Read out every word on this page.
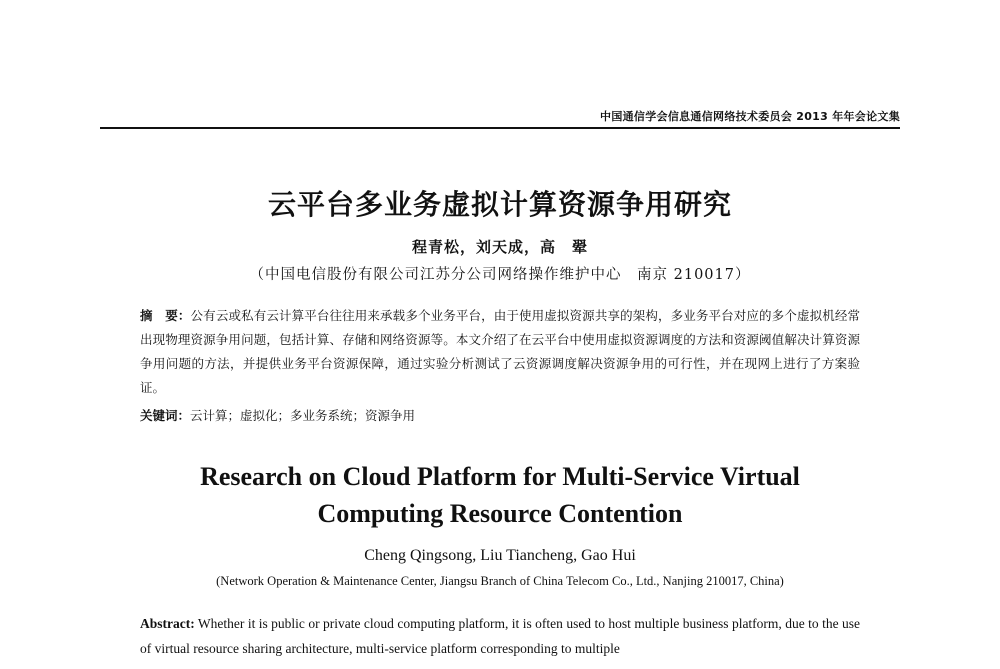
中国通信学会信息通信网络技术委员会 2013 年年会论文集
云平台多业务虚拟计算资源争用研究
程青松，刘天成，高　翚
（中国电信股份有限公司江苏分公司网络操作维护中心　南京 210017）
摘　要：公有云或私有云计算平台往往用来承载多个业务平台，由于使用虚拟资源共享的架构，多业务平台对应的多个虚拟机经常出现物理资源争用问题，包括计算、存储和网络资源等。本文介绍了在云平台中使用虚拟资源调度的方法和资源阈值解决计算资源争用问题的方法，并提供业务平台资源保障，通过实验分析测试了云资源调度解决资源争用的可行性，并在现网上进行了方案验证。
关键词：云计算；虚拟化；多业务系统；资源争用
Research on Cloud Platform for Multi-Service Virtual
Computing Resource Contention
Cheng Qingsong, Liu Tiancheng, Gao Hui
(Network Operation & Maintenance Center, Jiangsu Branch of China Telecom Co., Ltd., Nanjing 210017, China)
Abstract: Whether it is public or private cloud computing platform, it is often used to host multiple business platform, due to the use of virtual resource sharing architecture, multi-service platform corresponding to multiple
